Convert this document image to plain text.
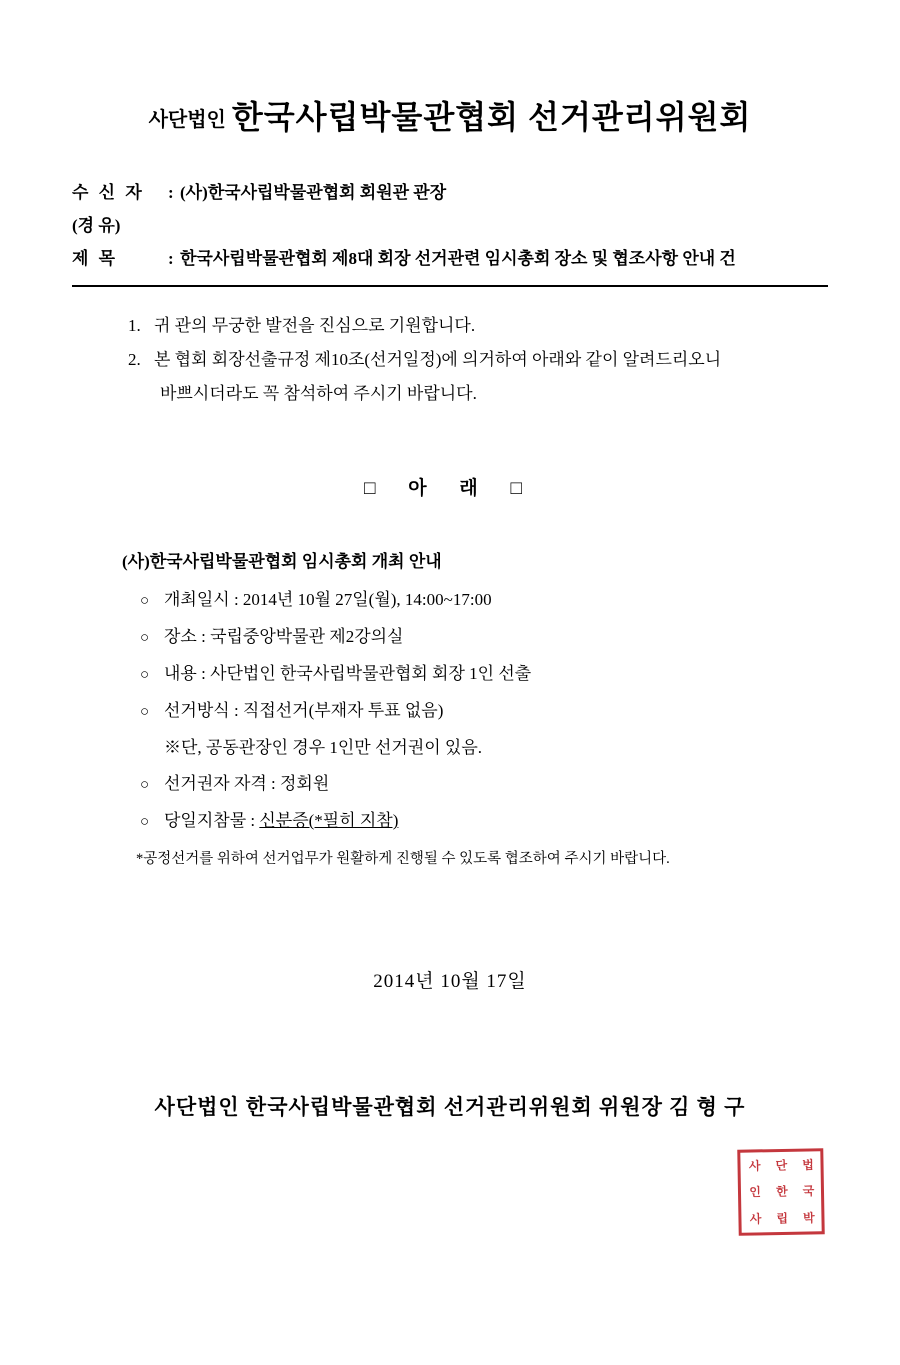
사단법인 한국사립박물관협회 선거관리위원회
수 신 자	: (사)한국사립박물관협회 회원관 관장
(경 유)
제 목	: 한국사립박물관협회 제8대 회장 선거관련 임시총회 장소 및 협조사항 안내 건
1. 귀 관의 무궁한 발전을 진심으로 기원합니다.
2. 본 협회 회장선출규정 제10조(선거일정)에 의거하여 아래와 같이 알려드리오니
바쁘시더라도 꼭 참석하여 주시기 바랍니다.
□ 아 래 □
(사)한국사립박물관협회 임시총회 개최 안내
○ 개최일시 : 2014년 10월 27일(월), 14:00~17:00
○ 장소 : 국립중앙박물관 제2강의실
○ 내용 : 사단법인 한국사립박물관협회 회장 1인 선출
○ 선거방식 : 직접선거(부재자 투표 없음)
※단, 공동관장인 경우 1인만 선거권이 있음.
○ 선거권자 자격 : 정회원
○ 당일지참물 : 신분증(*필히 지참)
*공정선거를 위하여 선거업무가 원활하게 진행될 수 있도록 협조하여 주시기 바랍니다.
2014년 10월 17일
사단법인 한국사립박물관협회 선거관리위원회 위원장 김 형 구
사	단	법
인	한	국
사	립	박
